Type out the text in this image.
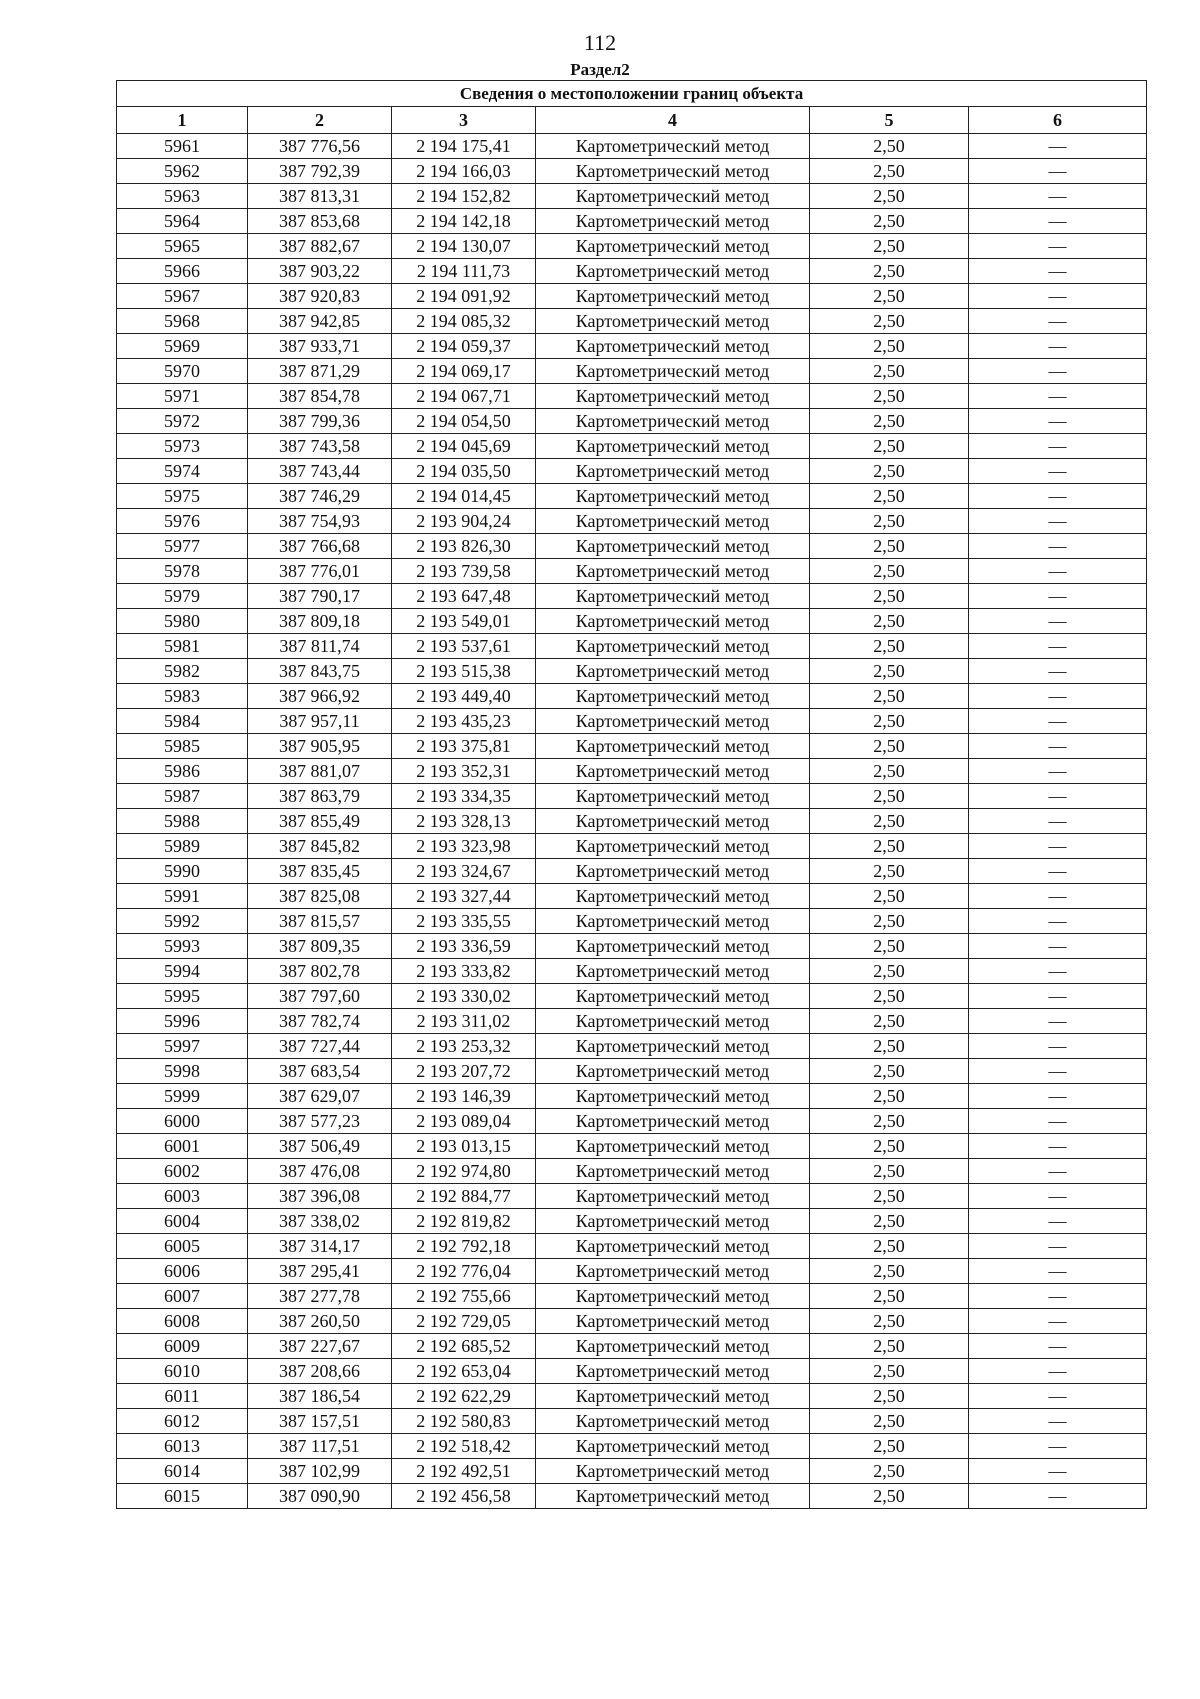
112
Раздел2
Сведения о местоположении границ объекта					
1	2	3	4	5	6
5961	387 776,56	2 194 175,41	Картометрический метод	2,50	—
5962	387 792,39	2 194 166,03	Картометрический метод	2,50	—
5963	387 813,31	2 194 152,82	Картометрический метод	2,50	—
5964	387 853,68	2 194 142,18	Картометрический метод	2,50	—
5965	387 882,67	2 194 130,07	Картометрический метод	2,50	—
5966	387 903,22	2 194 111,73	Картометрический метод	2,50	—
5967	387 920,83	2 194 091,92	Картометрический метод	2,50	—
5968	387 942,85	2 194 085,32	Картометрический метод	2,50	—
5969	387 933,71	2 194 059,37	Картометрический метод	2,50	—
5970	387 871,29	2 194 069,17	Картометрический метод	2,50	—
5971	387 854,78	2 194 067,71	Картометрический метод	2,50	—
5972	387 799,36	2 194 054,50	Картометрический метод	2,50	—
5973	387 743,58	2 194 045,69	Картометрический метод	2,50	—
5974	387 743,44	2 194 035,50	Картометрический метод	2,50	—
5975	387 746,29	2 194 014,45	Картометрический метод	2,50	—
5976	387 754,93	2 193 904,24	Картометрический метод	2,50	—
5977	387 766,68	2 193 826,30	Картометрический метод	2,50	—
5978	387 776,01	2 193 739,58	Картометрический метод	2,50	—
5979	387 790,17	2 193 647,48	Картометрический метод	2,50	—
5980	387 809,18	2 193 549,01	Картометрический метод	2,50	—
5981	387 811,74	2 193 537,61	Картометрический метод	2,50	—
5982	387 843,75	2 193 515,38	Картометрический метод	2,50	—
5983	387 966,92	2 193 449,40	Картометрический метод	2,50	—
5984	387 957,11	2 193 435,23	Картометрический метод	2,50	—
5985	387 905,95	2 193 375,81	Картометрический метод	2,50	—
5986	387 881,07	2 193 352,31	Картометрический метод	2,50	—
5987	387 863,79	2 193 334,35	Картометрический метод	2,50	—
5988	387 855,49	2 193 328,13	Картометрический метод	2,50	—
5989	387 845,82	2 193 323,98	Картометрический метод	2,50	—
5990	387 835,45	2 193 324,67	Картометрический метод	2,50	—
5991	387 825,08	2 193 327,44	Картометрический метод	2,50	—
5992	387 815,57	2 193 335,55	Картометрический метод	2,50	—
5993	387 809,35	2 193 336,59	Картометрический метод	2,50	—
5994	387 802,78	2 193 333,82	Картометрический метод	2,50	—
5995	387 797,60	2 193 330,02	Картометрический метод	2,50	—
5996	387 782,74	2 193 311,02	Картометрический метод	2,50	—
5997	387 727,44	2 193 253,32	Картометрический метод	2,50	—
5998	387 683,54	2 193 207,72	Картометрический метод	2,50	—
5999	387 629,07	2 193 146,39	Картометрический метод	2,50	—
6000	387 577,23	2 193 089,04	Картометрический метод	2,50	—
6001	387 506,49	2 193 013,15	Картометрический метод	2,50	—
6002	387 476,08	2 192 974,80	Картометрический метод	2,50	—
6003	387 396,08	2 192 884,77	Картометрический метод	2,50	—
6004	387 338,02	2 192 819,82	Картометрический метод	2,50	—
6005	387 314,17	2 192 792,18	Картометрический метод	2,50	—
6006	387 295,41	2 192 776,04	Картометрический метод	2,50	—
6007	387 277,78	2 192 755,66	Картометрический метод	2,50	—
6008	387 260,50	2 192 729,05	Картометрический метод	2,50	—
6009	387 227,67	2 192 685,52	Картометрический метод	2,50	—
6010	387 208,66	2 192 653,04	Картометрический метод	2,50	—
6011	387 186,54	2 192 622,29	Картометрический метод	2,50	—
6012	387 157,51	2 192 580,83	Картометрический метод	2,50	—
6013	387 117,51	2 192 518,42	Картометрический метод	2,50	—
6014	387 102,99	2 192 492,51	Картометрический метод	2,50	—
6015	387 090,90	2 192 456,58	Картометрический метод	2,50	—
